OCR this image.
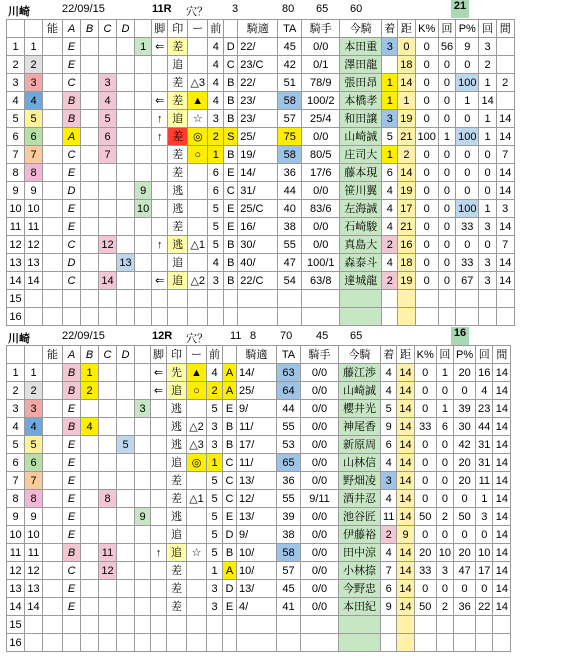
川崎	22/09/15	11R 穴？ 3	80 65 60	21
		能	A	B	C	D		脚	印	ー	前		騎適	TA	騎手	今騎	着	距	K%	回	P%	回	間
1	1		E				1	⇐	差		4	D	22/	45	0/0	本田重	3	0	0	56	9	3	
2	2		E						追		4	C	23/C	42	0/1	澤田龍		18	0	0	0	2	
3	3		C		3				差	△3	4	B	22/	51	78/9	張田昂	1	14	0	0	100	1	2
4	4		B		4			⇐	差	▲	4	B	23/	58	100/2	本橋孝	1	1	0	0	1	14	
5	5		B		5			↑	追	☆	3	B	23/	57	25/4	和田譲	3	19	0	0	0	1	14
6	6		A		6			↑	差	◎	2	S	25/	75	0/0	山崎誠	5	21	100	1	100	1	14
7	7		C		7				差	○	1	B	19/	58	80/5	庄司大	1	2	0	0	0	0	7
8	8		E						差		6	E	14/	36	17/6	藤本現	6	14	0	0	0	0	14
9	9		D				9		逃		6	C	31/	44	0/0	笹川翼	4	19	0	0	0	0	14
10	10		E				10		逃		5	E	25/C	40	83/6	左海誠	4	17	0	0	100	1	3
11	11		E						差		5	E	16/	38	0/0	石崎駿	4	21	0	0	33	3	14
12	12		C		12			↑	逃	△1	5	B	30/	55	0/0	真島大	2	16	0	0	0	0	7
13	13		D			13			追		4	B	40/	47	100/1	森泰斗	4	18	0	0	33	3	14
14	14		C		14			⇐	追	△2	3	B	22/C	54	63/8	達城龍	2	19	0	0	67	3	14
15																							
16																							
川崎	22/09/15	12R 穴？ 11 8 70 45 65	16
		能	A	B	C	D		脚	印	ー	前		騎適	TA	騎手	今騎	着	距	K%	回	P%	回	間
1	1		B	1				⇐	先	▲	4	A	14/	63	0/0	藤江渉	4	14	0	1	20	16	14
2	2		B	2				⇐	追	○	2	A	25/	64	0/0	山崎誠	4	14	0	0	0	4	14
3	3		E				3		逃		5	E	9/	44	0/0	櫻井光	5	14	0	1	39	23	14
4	4		B	4					逃	△2	3	B	11/	55	0/0	神尾香	9	14	33	6	30	44	14
5	5		E			5			逃	△3	3	B	17/	53	0/0	新原周	6	14	0	0	42	31	14
6	6		E						追	◎	1	C	11/	65	0/0	山林信	4	14	0	0	20	31	14
7	7		E						差		5	C	13/	36	0/0	野畑凌	3	14	0	0	20	11	14
8	8		E		8				差	△1	5	C	12/	55	9/11	酒井忍	4	14	0	0	0	1	14
9	9		E				9		逃		5	E	13/	39	0/0	池谷匠	11	14	50	2	50	3	14
10	10		E						追		5	D	9/	38	0/0	伊藤裕	2	9	0	0	0	0	14
11	11		B		11			↑	追	☆	5	B	10/	58	0/0	田中涼	4	14	20	10	20	10	14
12	12		C		12				差		1	A	10/	57	0/0	小林捺	7	14	33	3	47	17	14
13	13		E						差		3	D	13/	45	0/0	今野忠	6	14	0	0	0	0	14
14	14		E						差		3	E	4/	41	0/0	本田紀	9	14	50	2	36	22	14
15																							
16																							
